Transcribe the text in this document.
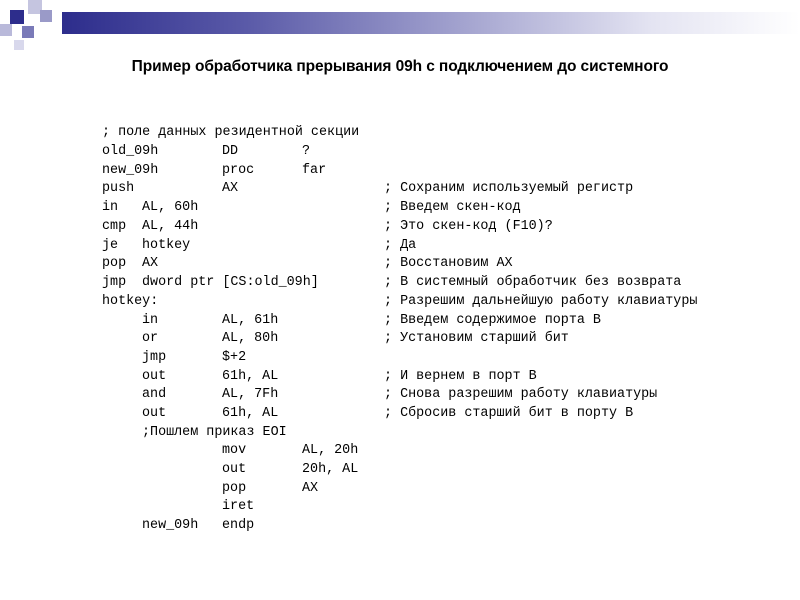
Пример обработчика прерывания 09h с подключением до системного
; поле данных резидентной секции
old_09h	DD	?
new_09h	proc	far
push	AX	; Сохраним используемый регистр
in AL, 60h	; Введем скен-код
cmp AL, 44h	; Это скен-код (F10)?
je hotkey	; Да
pop AX	; Восстановим AX
jmp dword ptr [CS:old_09h]	; В системный обработчик без возврата
hotkey:	; Разрешим дальнейшую работу клавиатуры
in	AL, 61h	; Введем содержимое порта B
or	AL, 80h	; Установим старший бит
jmp	$+2
out	61h, AL	; И вернем в порт B
and	AL, 7Fh	; Снова разрешим работу клавиатуры
out	61h, AL	; Сбросив старший бит в порту B
;Пошлем приказ EOI
mov	AL, 20h
out	20h, AL
pop	AX
iret
new_09h endp
